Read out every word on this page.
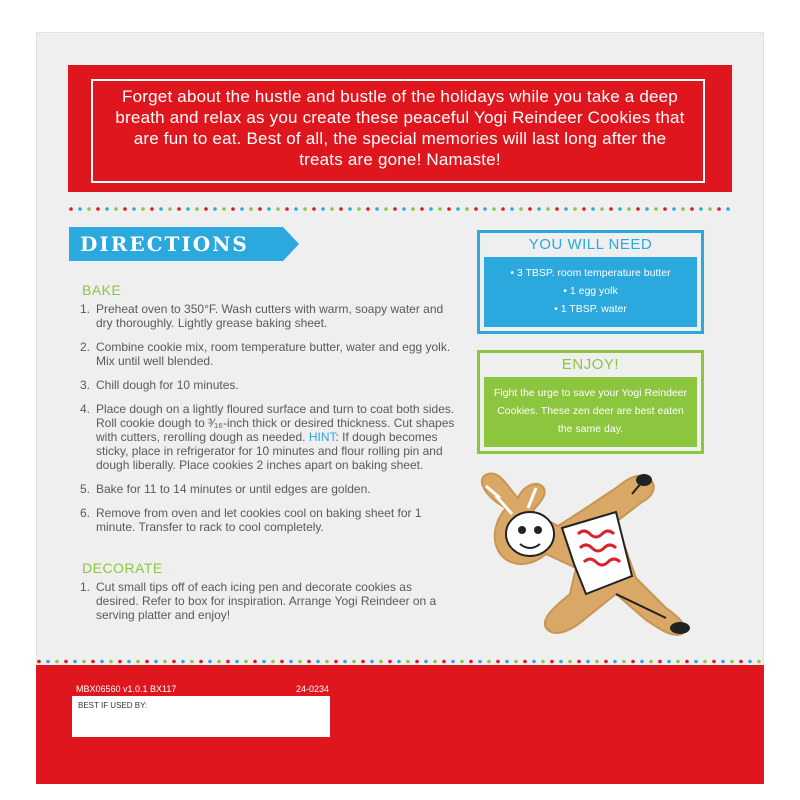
Forget about the hustle and bustle of the holidays while you take a deep breath and relax as you create these peaceful Yogi Reindeer Cookies that are fun to eat. Best of all, the special memories will last long after the treats are gone! Namaste!
DIRECTIONS
BAKE
1. Preheat oven to 350°F. Wash cutters with warm, soapy water and dry thoroughly. Lightly grease baking sheet.
2. Combine cookie mix, room temperature butter, water and egg yolk. Mix until well blended.
3. Chill dough for 10 minutes.
4. Place dough on a lightly floured surface and turn to coat both sides. Roll cookie dough to ³⁄₁₆-inch thick or desired thickness. Cut shapes with cutters, rerolling dough as needed. HINT: If dough becomes sticky, place in refrigerator for 10 minutes and flour rolling pin and dough liberally. Place cookies 2 inches apart on baking sheet.
5. Bake for 11 to 14 minutes or until edges are golden.
6. Remove from oven and let cookies cool on baking sheet for 1 minute. Transfer to rack to cool completely.
DECORATE
1. Cut small tips off of each icing pen and decorate cookies as desired. Refer to box for inspiration. Arrange Yogi Reindeer on a serving platter and enjoy!
YOU WILL NEED
• 3 TBSP. room temperature butter
• 1 egg yolk
• 1 TBSP. water
ENJOY!
Fight the urge to save your Yogi Reindeer Cookies. These zen deer are best eaten the same day.
MBX06560 v1.0.1 BX117	24-0234
BEST IF USED BY:
